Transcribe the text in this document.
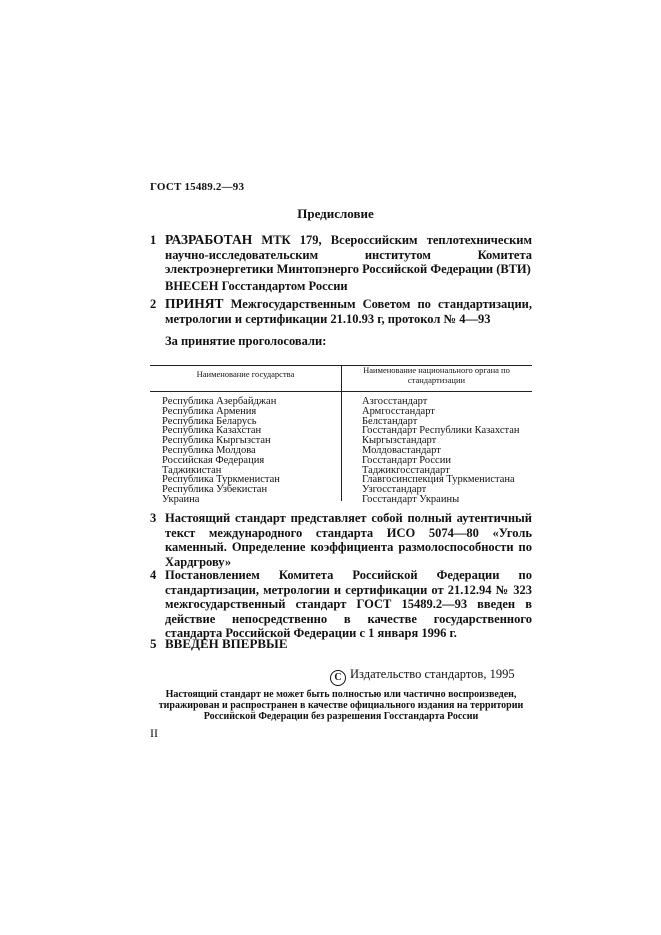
ГОСТ 15489.2—93
Предисловие
1 РАЗРАБОТАН МТК 179, Всероссийским теплотехническим научно-исследовательским институтом Комитета электроэнергетики Минтопэнерго Российской Федерации (ВТИ)
ВНЕСЕН Госстандартом России
2 ПРИНЯТ Межгосударственным Советом по стандартизации, метрологии и сертификации 21.10.93 г, протокол № 4—93
За принятие проголосовали:
Наименование государства	Наименование национального органа по стандартизации
Республика Азербайджан
Республика Армения
Республика Беларусь
Республика Казахстан
Республика Кыргызстан
Республика Молдова
Российская Федерация
Таджикистан
Республика Туркменистан
Республика Узбекистан
Украина
Азгосстандарт
Армгосстандарт
Белстандарт
Госстандарт Республики Казахстан
Кыргызстандарт
Молдовастандарт
Госстандарт России
Таджикгосстандарт
Главгосинспекция Туркменистана
Узгосстандарт
Госстандарт Украины
3 Настоящий стандарт представляет собой полный аутентичный текст международного стандарта ИСО 5074—80 «Уголь каменный. Определение коэффициента размолоспособности по Хардгрову»
4 Постановлением Комитета Российской Федерации по стандартизации, метрологии и сертификации от 21.12.94 № 323 межгосударственный стандарт ГОСТ 15489.2—93 введен в действие непосредственно в качестве государственного стандарта Российской Федерации с 1 января 1996 г.
5 ВВЕДЕН ВПЕРВЫЕ
C Издательство стандартов, 1995
Настоящий стандарт не может быть полностью или частично воспроизведен,
тиражирован и распространен в качестве официального издания на территории
Российской Федерации без разрешения Госстандарта России
II
